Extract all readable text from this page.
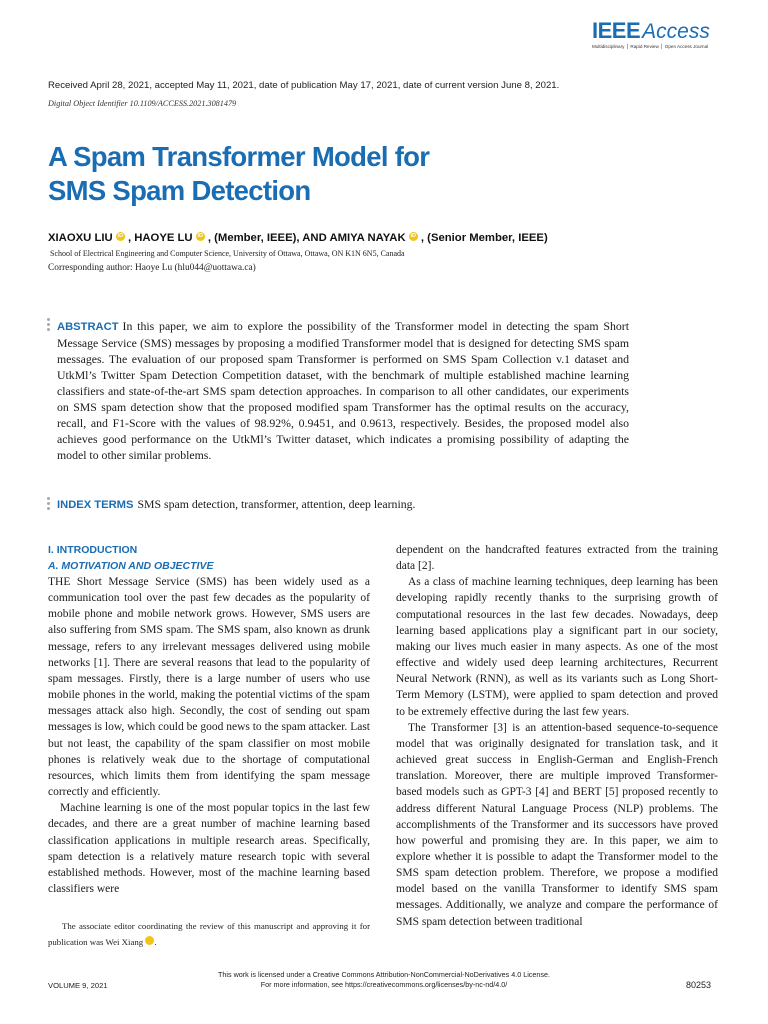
IEEE Access
Multidisciplinary ⎪ Rapid Review ⎪ Open Access Journal
Received April 28, 2021, accepted May 11, 2021, date of publication May 17, 2021, date of current version June 8, 2021.
Digital Object Identifier 10.1109/ACCESS.2021.3081479
A Spam Transformer Model for
SMS Spam Detection
XIAOXU LIU iD , HAOYE LU iD , (Member, IEEE), AND AMIYA NAYAK iD , (Senior Member, IEEE)
School of Electrical Engineering and Computer Science, University of Ottawa, Ottawa, ON K1N 6N5, Canada
Corresponding author: Haoye Lu (hlu044@uottawa.ca)
ABSTRACT In this paper, we aim to explore the possibility of the Transformer model in detecting the spam Short Message Service (SMS) messages by proposing a modified Transformer model that is designed for detecting SMS spam messages. The evaluation of our proposed spam Transformer is performed on SMS Spam Collection v.1 dataset and UtkMl’s Twitter Spam Detection Competition dataset, with the benchmark of multiple established machine learning classifiers and state-of-the-art SMS spam detection approaches. In comparison to all other candidates, our experiments on SMS spam detection show that the proposed modified spam Transformer has the optimal results on the accuracy, recall, and F1-Score with the values of 98.92%, 0.9451, and 0.9613, respectively. Besides, the proposed model also achieves good performance on the UtkMl’s Twitter dataset, which indicates a promising possibility of adapting the model to other similar problems.
INDEX TERMS SMS spam detection, transformer, attention, deep learning.
I. INTRODUCTION
A. MOTIVATION AND OBJECTIVE

THE Short Message Service (SMS) has been widely used as a communication tool over the past few decades as the popularity of mobile phone and mobile network grows. However, SMS users are also suffering from SMS spam. The SMS spam, also known as drunk message, refers to any irrelevant messages delivered using mobile networks [1]. There are several reasons that lead to the popularity of spam messages. Firstly, there is a large number of users who use mobile phones in the world, making the potential victims of the spam messages attack also high. Secondly, the cost of sending out spam messages is low, which could be good news to the spam attacker. Last but not least, the capability of the spam classifier on most mobile phones is relatively weak due to the shortage of computational resources, which limits them from identifying the spam message correctly and efficiently.

Machine learning is one of the most popular topics in the last few decades, and there are a great number of machine learning based classification applications in multiple research areas. Specifically, spam detection is a relatively mature research topic with several established methods. However, most of the machine learning based classifiers were

dependent on the handcrafted features extracted from the training data [2].

As a class of machine learning techniques, deep learning has been developing rapidly recently thanks to the surprising growth of computational resources in the last few decades. Nowadays, deep learning based applications play a significant part in our society, making our lives much easier in many aspects. As one of the most effective and widely used deep learning architectures, Recurrent Neural Network (RNN), as well as its variants such as Long Short-Term Memory (LSTM), were applied to spam detection and proved to be extremely effective during the last few years.

The Transformer [3] is an attention-based sequence-to-sequence model that was originally designated for translation task, and it achieved great success in English-German and English-French translation. Moreover, there are multiple improved Transformer-based models such as GPT-3 [4] and BERT [5] proposed recently to address different Natural Language Process (NLP) problems. The accomplishments of the Transformer and its successors have proved how powerful and promising they are. In this paper, we aim to explore whether it is possible to adapt the Transformer model to the SMS spam detection problem. Therefore, we propose a modified model based on the vanilla Transformer to identify SMS spam messages. Additionally, we analyze and compare the performance of SMS spam detection between traditional

The associate editor coordinating the review of this manuscript and approving it for publication was Wei Xiang	iD.
This work is licensed under a Creative Commons Attribution-NonCommercial-NoDerivatives 4.0 License.
For more information, see https://creativecommons.org/licenses/by-nc-nd/4.0/
VOLUME 9, 2021	80253
